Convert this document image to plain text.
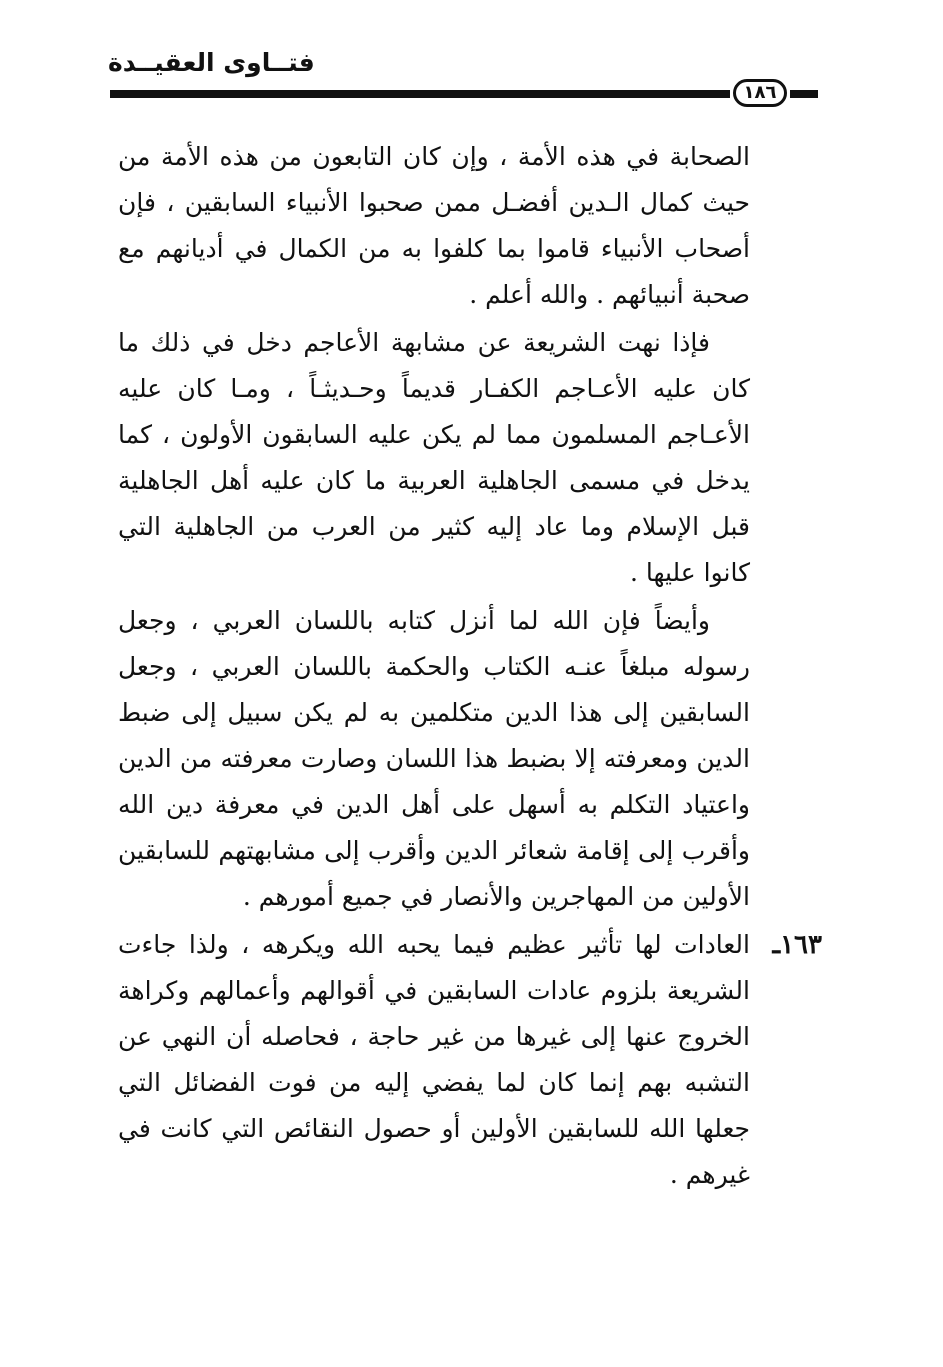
فتــاوى العقيــدة
١٨٦

الصحابة في هذه الأمة ، وإن كان التابعون من هذه الأمة من حيث كمال الـدين أفضـل ممن صحبوا الأنبياء السابقين ، فإن أصحاب الأنبياء قاموا بما كلفوا به من الكمال في أديانهم مع صحبة أنبيائهم . والله أعلم .

فإذا نهت الشريعة عن مشابهة الأعاجم دخل في ذلك ما كان عليه الأعـاجم الكفـار قديماً وحـديثـاً ، ومـا كان عليه الأعـاجم المسلمون مما لم يكن عليه السابقون الأولون ، كما يدخل في مسمى الجاهلية العربية ما كان عليه أهل الجاهلية قبل الإسلام وما عاد إليه كثير من العرب من الجاهلية التي كانوا عليها .

وأيضاً فإن الله لما أنزل كتابه باللسان العربي ، وجعل رسوله مبلغاً عنـه الكتاب والحكمة باللسان العربي ، وجعل السابقين إلى هذا الدين متكلمين به لم يكن سبيل إلى ضبط الدين ومعرفته إلا بضبط هذا اللسان وصارت معرفته من الدين واعتياد التكلم به أسهل على أهل الدين في معرفة دين الله وأقرب إلى إقامة شعائر الدين وأقرب إلى مشابهتهم للسابقين الأولين من المهاجرين والأنصار في جميع أمورهم .

١٦٣ـ

العادات لها تأثير عظيم فيما يحبه الله ويكرهه ، ولذا جاءت الشريعة بلزوم عادات السابقين في أقوالهم وأعمالهم وكراهة الخروج عنها إلى غيرها من غير حاجة ، فحاصله أن النهي عن التشبه بهم إنما كان لما يفضي إليه من فوت الفضائل التي جعلها الله للسابقين الأولين أو حصول النقائص التي كانت في غيرهم .
